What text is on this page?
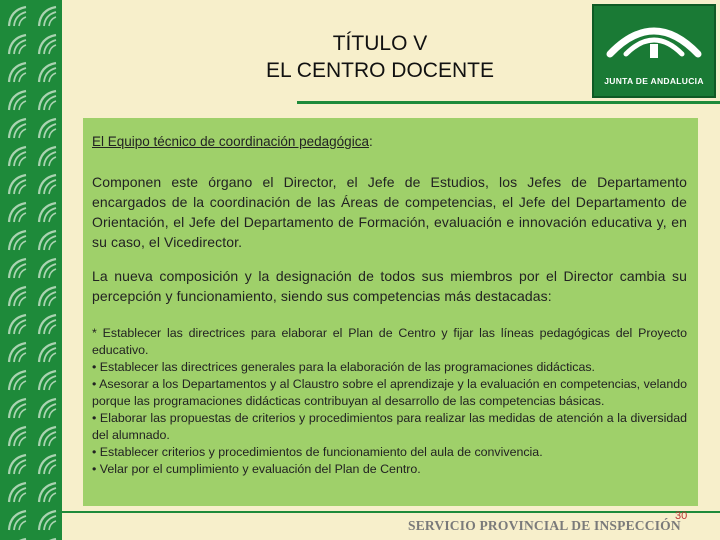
TÍTULO V
EL CENTRO DOCENTE	JUNTA DE ANDALUCIA
El Equipo técnico de coordinación pedagógica:
Componen este órgano el Director, el Jefe de Estudios, los Jefes de Departamento encargados de la coordinación de las Áreas de competencias, el Jefe del Departamento de Orientación, el Jefe del Departamento de Formación, evaluación e innovación educativa y, en su caso, el Vicedirector.
La nueva composición y la designación de todos sus miembros por el Director cambia su percepción y funcionamiento, siendo sus competencias más destacadas:
* Establecer las directrices para elaborar el Plan de Centro y fijar las líneas pedagógicas del Proyecto educativo.
• Establecer las directrices generales para la elaboración de las programaciones didácticas.
• Asesorar a los Departamentos y al Claustro sobre el aprendizaje y la evaluación en competencias, velando porque las programaciones didácticas contribuyan al desarrollo de las competencias básicas.
• Elaborar las propuestas de criterios y procedimientos para realizar las medidas de atención a la diversidad del alumnado.
• Establecer criterios y procedimientos de funcionamiento del aula de convivencia.
• Velar por el cumplimiento y evaluación del Plan de Centro.
SERVICIO PROVINCIAL DE INSPECCIÓN
30
